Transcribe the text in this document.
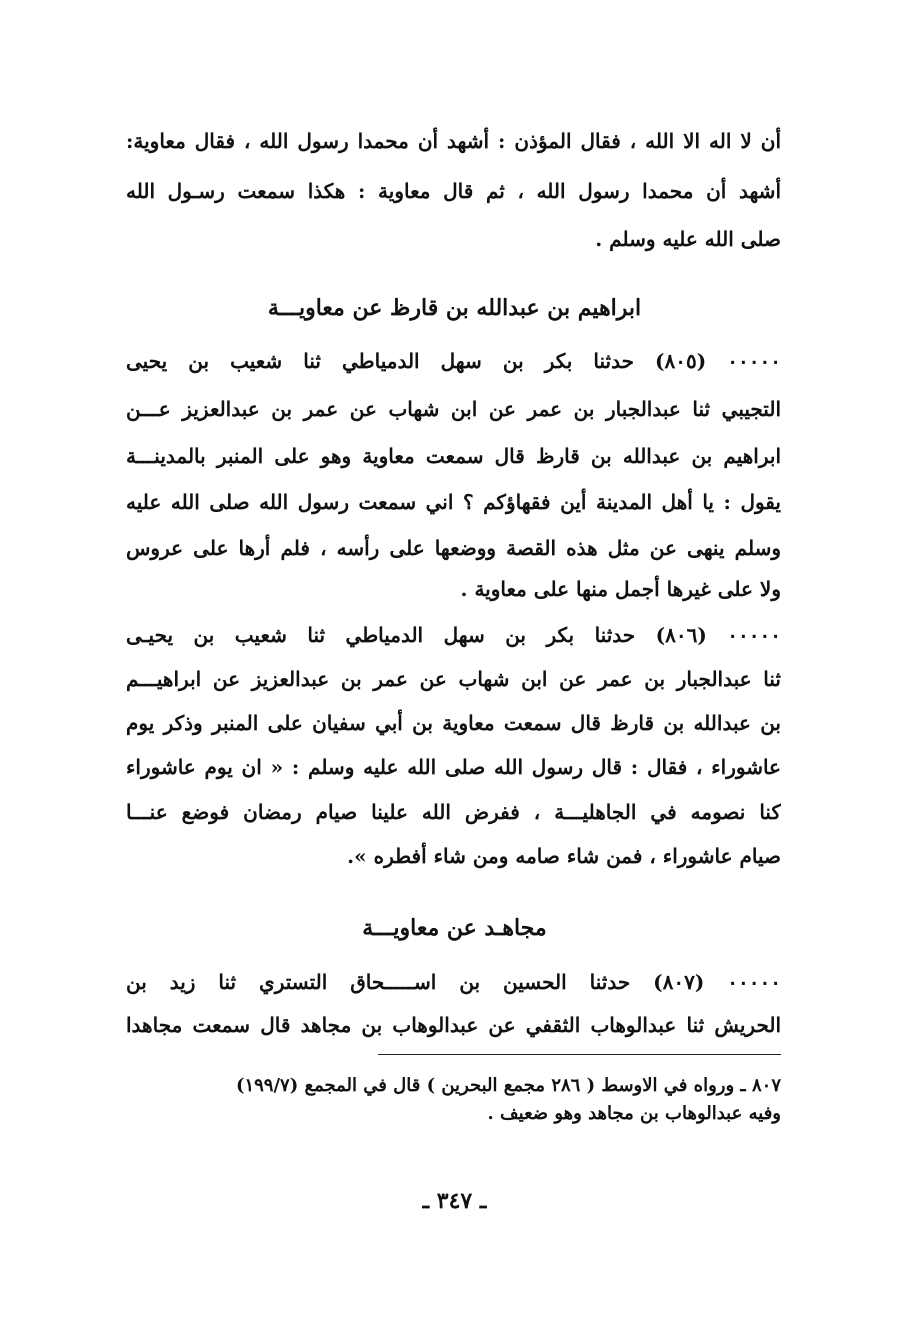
أن لا اله الا الله ، فقال المؤذن : أشهد أن محمدا رسول الله ، فقال معاوية:
أشهد أن محمدا رسول الله ، ثم قال معاوية : هكذا سمعت رسـول الله
صلى الله عليه وسلم .
ابراهيم بن عبدالله بن قارظ عن معاويـــة
٠٠٠٠٠ (٨٠٥) حدثنا بكر بن سهل الدمياطي ثنا شعيب بن يحيى
التجيبي ثنا عبدالجبار بن عمر عن ابن شهاب عن عمر بن عبدالعزيز عـــن
ابراهيم بن عبدالله بن قارظ قال سمعت معاوية وهو على المنبر بالمدينـــة
يقول : يا أهل المدينة أين فقهاؤكم ؟ اني سمعت رسول الله صلى الله عليه
وسلم ينهى عن مثل هذه القصة ووضعها على رأسه ، فلم أرها على عروس
ولا على غيرها أجمل منها على معاوية .
٠٠٠٠٠ (٨٠٦) حدثنا بكر بن سهل الدمياطي ثنا شعيب بن يحيـى
ثنا عبدالجبار بن عمر عن ابن شهاب عن عمر بن عبدالعزيز عن ابراهيـــم
بن عبدالله بن قارظ قال سمعت معاوية بن أبي سفيان على المنبر وذكر يوم
عاشوراء ، فقال : قال رسول الله صلى الله عليه وسلم : « ان يوم عاشوراء
كنا نصومه في الجاهليـــة ، ففرض الله علينا صيام رمضان فوضع عنـــا
صيام عاشوراء ، فمن شاء صامه ومن شاء أفطره ».
مجاهـد عن معاويـــة
٠٠٠٠٠ (٨٠٧) حدثنا الحسين بن اســـــحاق التستري ثنا زيد بن
الحريش ثنا عبدالوهاب الثقفي عن عبدالوهاب بن مجاهد قال سمعت مجاهدا
٨٠٧ ـ ورواه في الاوسط ( ٢٨٦ مجمع البحرين ) قال في المجمع (١٩٩/٧)
وفيه عبدالوهاب بن مجاهد وهو ضعيف .
ـ ٣٤٧ ـ
